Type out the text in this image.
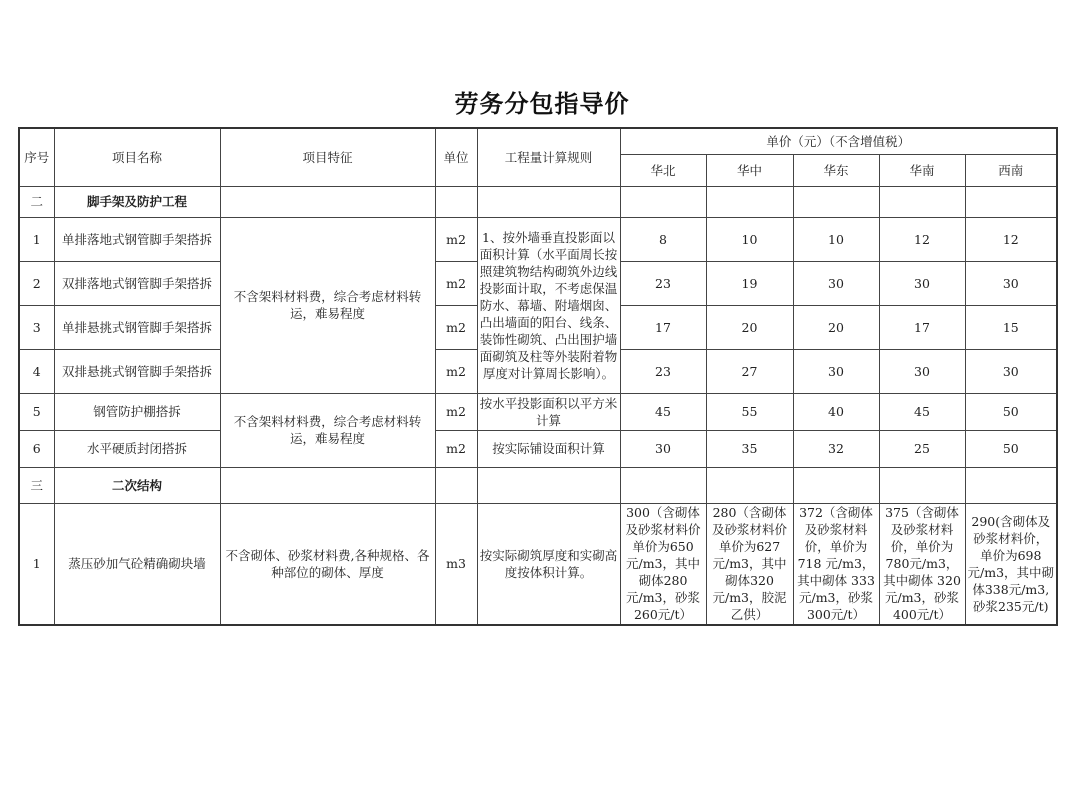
劳务分包指导价
序号	项目名称	项目特征	单位	工程量计算规则	单价（元）（不含增值税）				
					华北	华中	华东	华南	西南
二	脚手架及防护工程								
1	单排落地式钢管脚手架搭拆	不含架料材料费，综合考虑材料转运，难易程度	m2	1、按外墙垂直投影面以面积计算（水平面周长按照建筑物结构砌筑外边线投影面计取，不考虑保温防水、幕墙、附墙烟囱、凸出墙面的阳台、线条、装饰性砌筑、凸出围护墙面砌筑及柱等外装附着物厚度对计算周长影响）。	8	10	10	12	12
2	双排落地式钢管脚手架搭拆		m2		23	19	30	30	30
3	单排悬挑式钢管脚手架搭拆		m2		17	20	20	17	15
4	双排悬挑式钢管脚手架搭拆		m2		23	27	30	30	30
5	钢管防护棚搭拆	不含架料材料费，综合考虑材料转运，难易程度	m2	按水平投影面积以平方米计算	45	55	40	45	50
6	水平硬质封闭搭拆		m2	按实际铺设面积计算	30	35	32	25	50
三	二次结构								
1	蒸压砂加气砼精确砌块墙	不含砌体、砂浆材料费,各种规格、各种部位的砌体、厚度	m3	按实际砌筑厚度和实砌高度按体积计算。	300（含砌体及砂浆材料价单价为650元/m3，其中砌体280元/m3，砂浆260元/t）	280（含砌体及砂浆材料价单价为627元/m3，其中砌体320元/m3，胶泥乙供）	372（含砌体及砂浆材料价，单价为718 元/m3，其中砌体 333元/m3，砂浆300元/t）	375（含砌体及砂浆材料价，单价为780元/m3，其中砌体 320元/m3，砂浆400元/t）	290(含砌体及砂浆材料价，单价为698元/m3，其中砌体338元/m3,砂浆235元/t)
